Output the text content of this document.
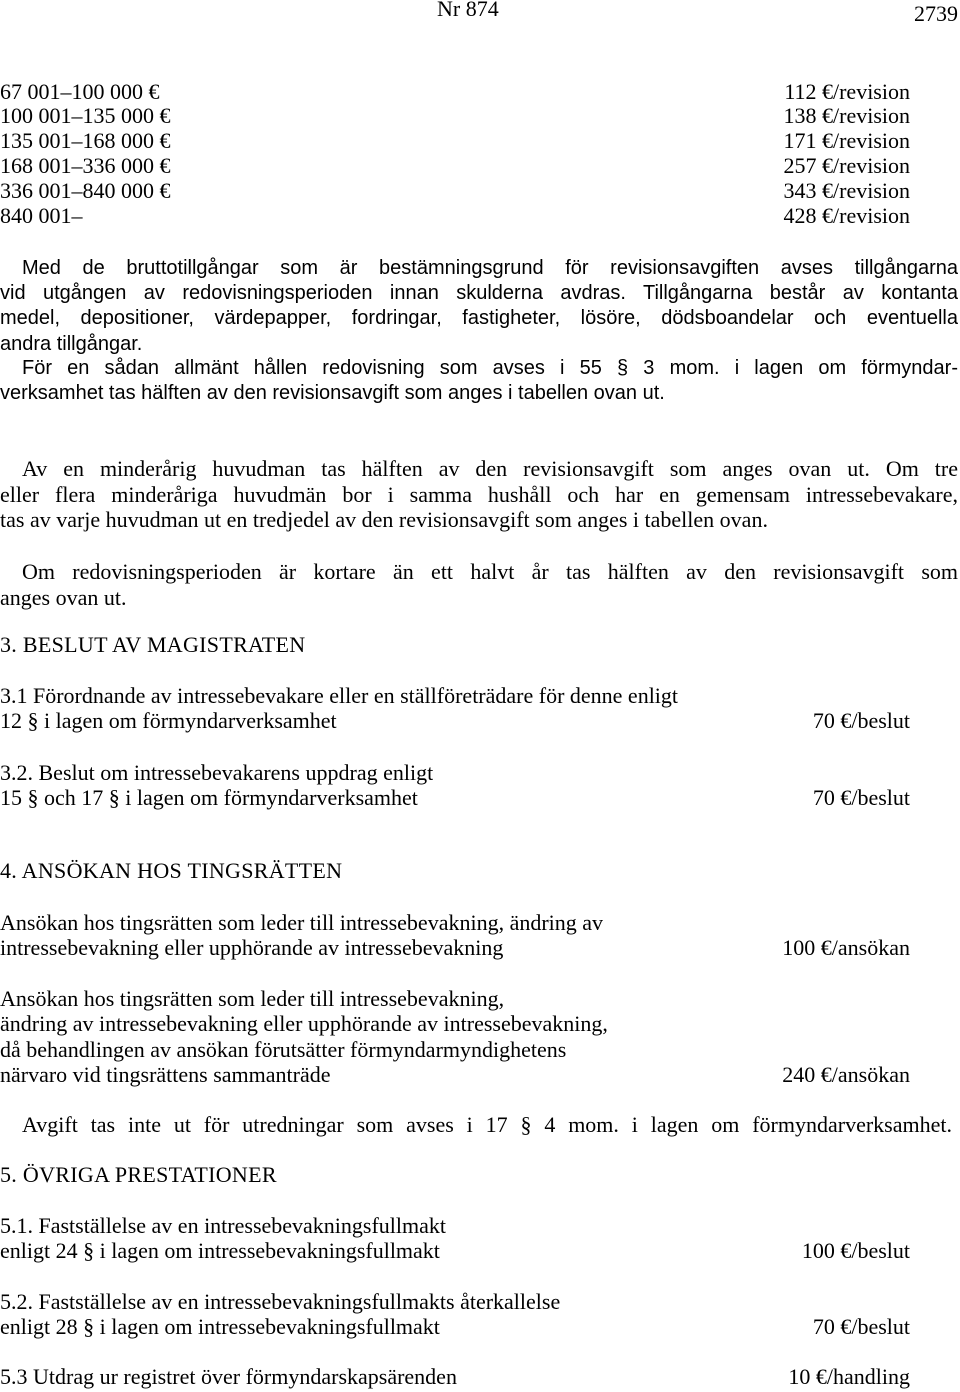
Nr 874	2739
67 001–100 000 €	112 €/revision
100 001–135 000 €	138 €/revision
135 001–168 000 €	171 €/revision
168 001–336 000 €	257 €/revision
336 001–840 000 €	343 €/revision
840 001–	428 €/revision
Med de bruttotillgångar som är bestämningsgrund för revisionsavgiften avses tillgångarna
vid utgången av redovisningsperioden innan skulderna avdras. Tillgångarna består av kontanta
medel, depositioner, värdepapper, fordringar, fastigheter, lösöre, dödsboandelar och eventuella
andra tillgångar.
För en sådan allmänt hållen redovisning som avses i 55 § 3 mom. i lagen om förmyndar-
verksamhet tas hälften av den revisionsavgift som anges i tabellen ovan ut.
Av en minderårig huvudman tas hälften av den revisionsavgift som anges ovan ut. Om tre
eller flera minderåriga huvudmän bor i samma hushåll och har en gemensam intressebevakare,
tas av varje huvudman ut en tredjedel av den revisionsavgift som anges i tabellen ovan.
Om redovisningsperioden är kortare än ett halvt år tas hälften av den revisionsavgift som
anges ovan ut.
3. BESLUT AV MAGISTRATEN
3.1 Förordnande av intressebevakare eller en ställföreträdare för denne enligt
12 § i lagen om förmyndarverksamhet	70 €/beslut
3.2. Beslut om intressebevakarens uppdrag enligt
15 § och 17 § i lagen om förmyndarverksamhet	70 €/beslut
4. ANSÖKAN HOS TINGSRÄTTEN
Ansökan hos tingsrätten som leder till intressebevakning, ändring av
intressebevakning eller upphörande av intressebevakning	100 €/ansökan
Ansökan hos tingsrätten som leder till intressebevakning,
ändring av intressebevakning eller upphörande av intressebevakning,
då behandlingen av ansökan förutsätter förmyndarmyndighetens
närvaro vid tingsrättens sammanträde	240 €/ansökan
Avgift tas inte ut för utredningar som avses i 17 § 4 mom. i lagen om förmyndarverksamhet.
5. ÖVRIGA PRESTATIONER
5.1. Fastställelse av en intressebevakningsfullmakt
enligt 24 § i lagen om intressebevakningsfullmakt	100 €/beslut
5.2. Fastställelse av en intressebevakningsfullmakts återkallelse
enligt 28 § i lagen om intressebevakningsfullmakt	70 €/beslut
5.3 Utdrag ur registret över förmyndarskapsärenden	10 €/handling
